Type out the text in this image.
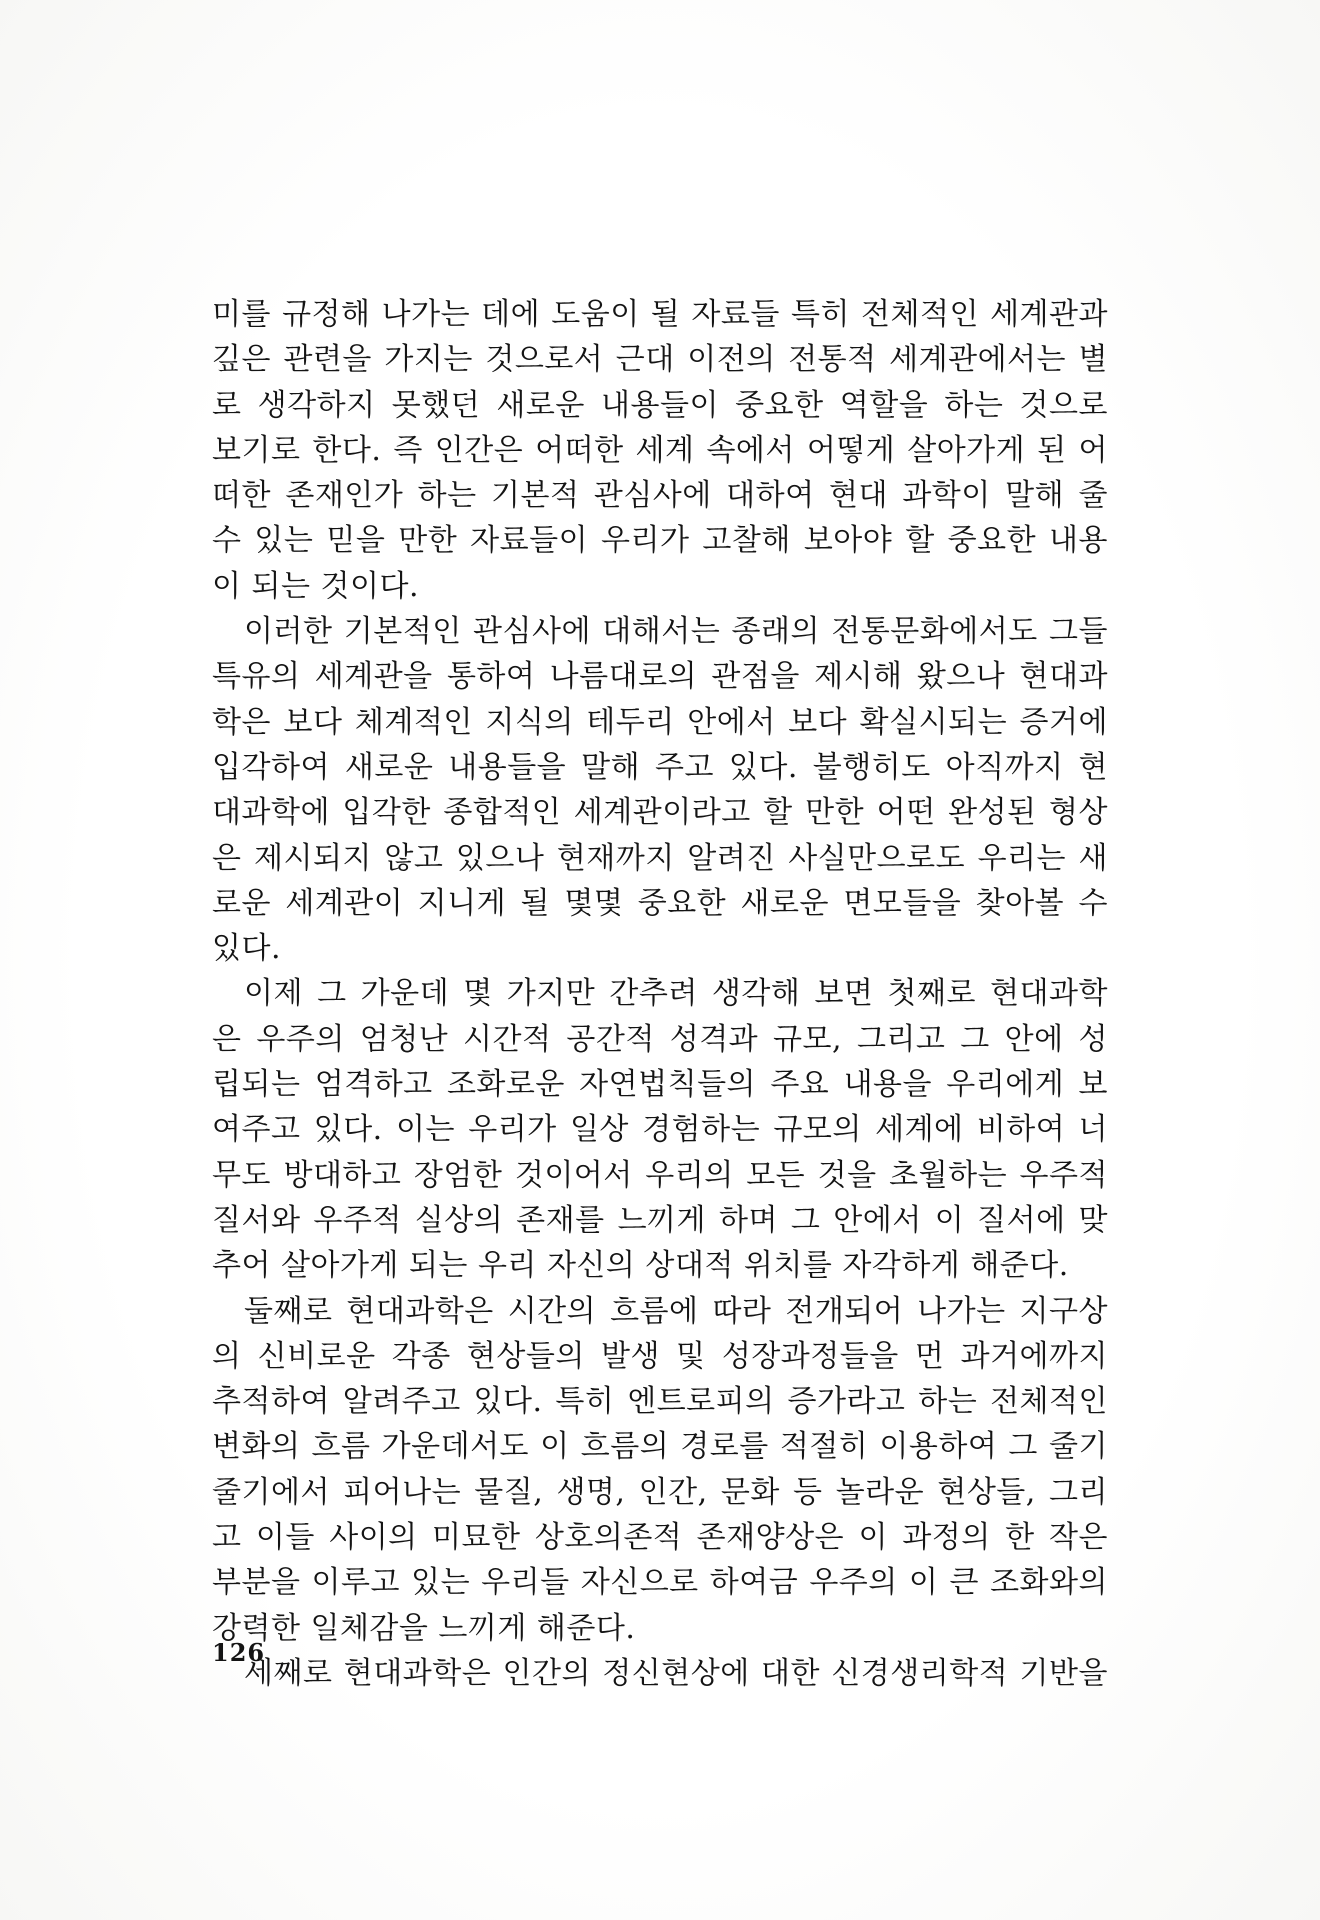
미를 규정해 나가는 데에 도움이 될 자료들 특히 전체적인 세계관과
깊은 관련을 가지는 것으로서 근대 이전의 전통적 세계관에서는 별
로 생각하지 못했던 새로운 내용들이 중요한 역할을 하는 것으로
보기로 한다. 즉 인간은 어떠한 세계 속에서 어떻게 살아가게 된 어
떠한 존재인가 하는 기본적 관심사에 대하여 현대 과학이 말해 줄
수 있는 믿을 만한 자료들이 우리가 고찰해 보아야 할 중요한 내용
이 되는 것이다.
이러한 기본적인 관심사에 대해서는 종래의 전통문화에서도 그들
특유의 세계관을 통하여 나름대로의 관점을 제시해 왔으나 현대과
학은 보다 체계적인 지식의 테두리 안에서 보다 확실시되는 증거에
입각하여 새로운 내용들을 말해 주고 있다. 불행히도 아직까지 현
대과학에 입각한 종합적인 세계관이라고 할 만한 어떤 완성된 형상
은 제시되지 않고 있으나 현재까지 알려진 사실만으로도 우리는 새
로운 세계관이 지니게 될 몇몇 중요한 새로운 면모들을 찾아볼 수
있다.
이제 그 가운데 몇 가지만 간추려 생각해 보면 첫째로 현대과학
은 우주의 엄청난 시간적 공간적 성격과 규모, 그리고 그 안에 성
립되는 엄격하고 조화로운 자연법칙들의 주요 내용을 우리에게 보
여주고 있다. 이는 우리가 일상 경험하는 규모의 세계에 비하여 너
무도 방대하고 장엄한 것이어서 우리의 모든 것을 초월하는 우주적
질서와 우주적 실상의 존재를 느끼게 하며 그 안에서 이 질서에 맞
추어 살아가게 되는 우리 자신의 상대적 위치를 자각하게 해준다.
둘째로 현대과학은 시간의 흐름에 따라 전개되어 나가는 지구상
의 신비로운 각종 현상들의 발생 및 성장과정들을 먼 과거에까지
추적하여 알려주고 있다. 특히 엔트로피의 증가라고 하는 전체적인
변화의 흐름 가운데서도 이 흐름의 경로를 적절히 이용하여 그 줄기
줄기에서 피어나는 물질, 생명, 인간, 문화 등 놀라운 현상들, 그리
고 이들 사이의 미묘한 상호의존적 존재양상은 이 과정의 한 작은
부분을 이루고 있는 우리들 자신으로 하여금 우주의 이 큰 조화와의
강력한 일체감을 느끼게 해준다.
세째로 현대과학은 인간의 정신현상에 대한 신경생리학적 기반을
126
